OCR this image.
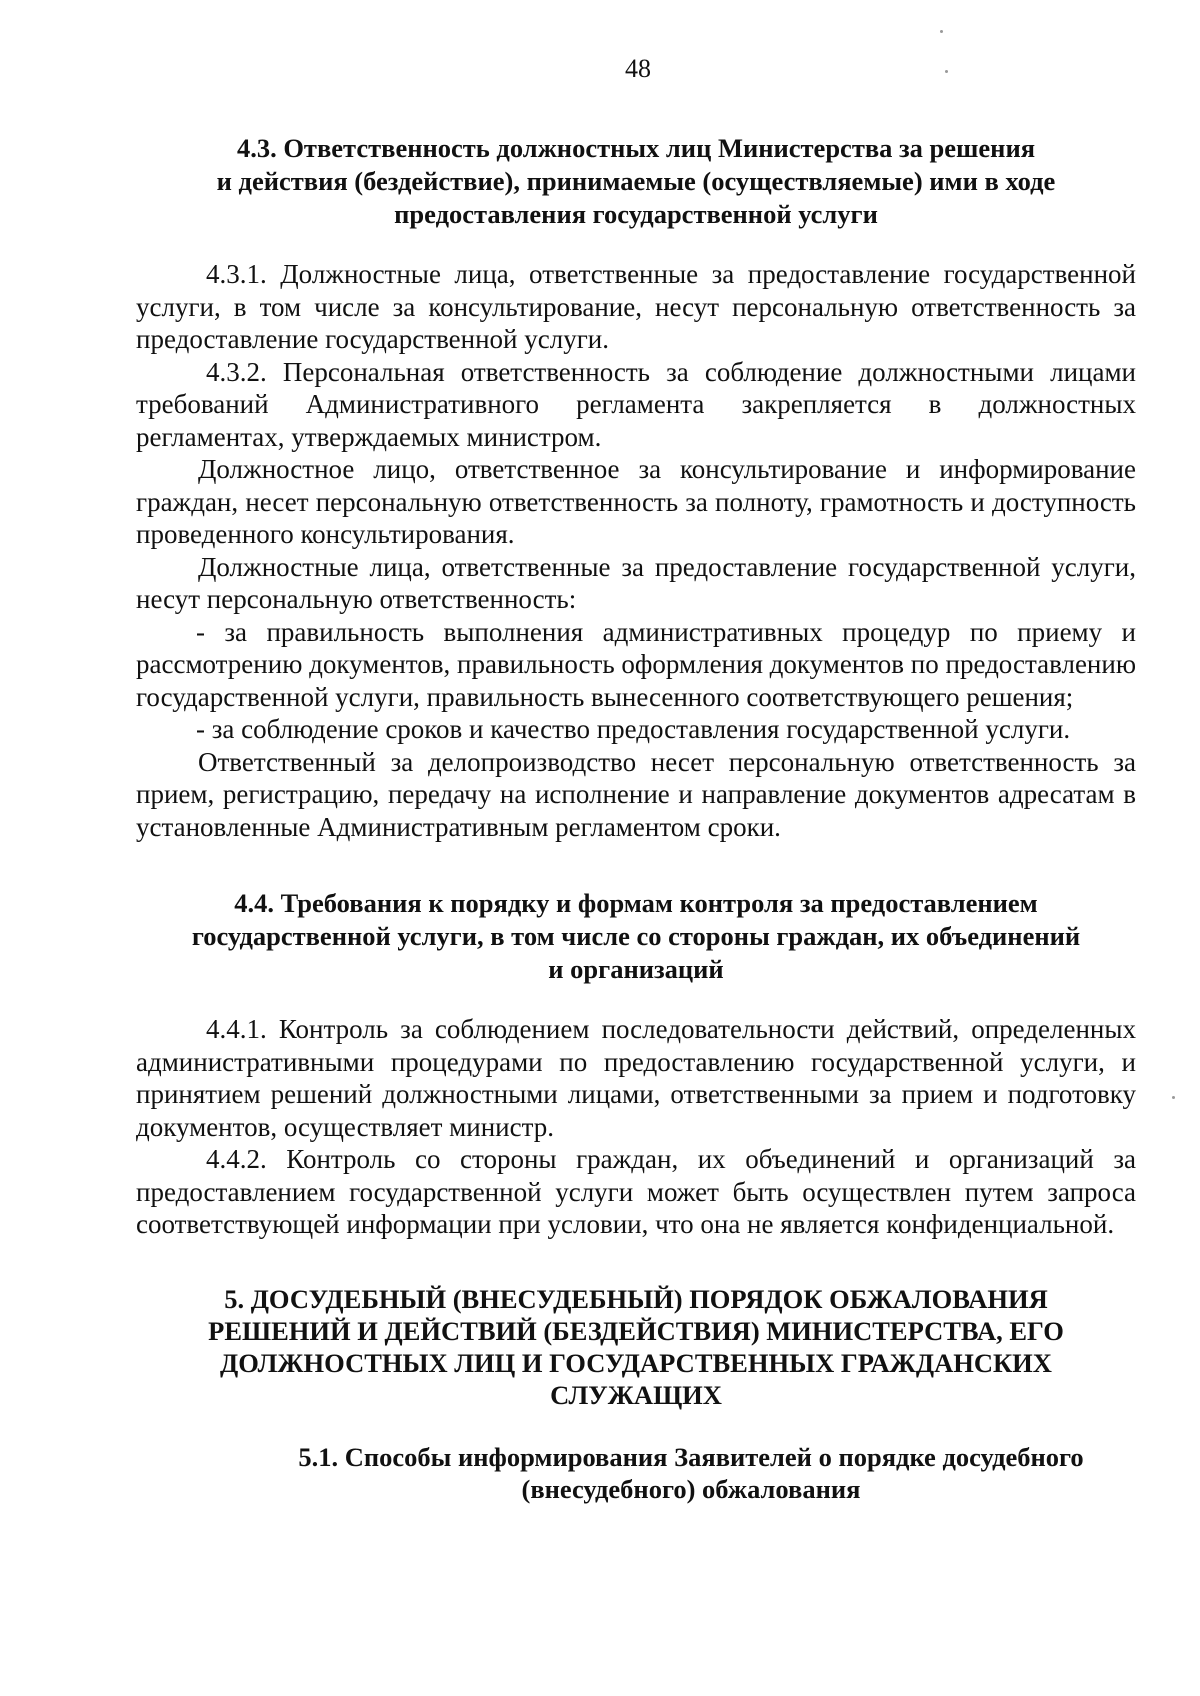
48
4.3. Ответственность должностных лиц Министерства за решения
и действия (бездействие), принимаемые (осуществляемые) ими в ходе
предоставления государственной услуги

4.3.1. Должностные лица, ответственные за предоставление государственной услуги, в том числе за консультирование, несут персональную ответственность за предоставление государственной услуги.

4.3.2. Персональная ответственность за соблюдение должностными лицами требований Административного регламента закрепляется в должностных регламентах, утверждаемых министром.

Должностное лицо, ответственное за консультирование и информирование граждан, несет персональную ответственность за полноту, грамотность и доступность проведенного консультирования.

Должностные лица, ответственные за предоставление государственной услуги, несут персональную ответственность:

- за правильность выполнения административных процедур по приему и рассмотрению документов, правильность оформления документов по предоставлению государственной услуги, правильность вынесенного соответствующего решения;

- за соблюдение сроков и качество предоставления государственной услуги.

Ответственный за делопроизводство несет персональную ответственность за прием, регистрацию, передачу на исполнение и направление документов адресатам в установленные Административным регламентом сроки.

4.4. Требования к порядку и формам контроля за предоставлением
государственной услуги, в том числе со стороны граждан, их объединений
и организаций

4.4.1. Контроль за соблюдением последовательности действий, определенных административными процедурами по предоставлению государственной услуги, и принятием решений должностными лицами, ответственными за прием и подготовку документов, осуществляет министр.

4.4.2. Контроль со стороны граждан, их объединений и организаций за предоставлением государственной услуги может быть осуществлен путем запроса соответствующей информации при условии, что она не является конфиденциальной.

5. ДОСУДЕБНЫЙ (ВНЕСУДЕБНЫЙ) ПОРЯДОК ОБЖАЛОВАНИЯ
РЕШЕНИЙ И ДЕЙСТВИЙ (БЕЗДЕЙСТВИЯ) МИНИСТЕРСТВА, ЕГО
ДОЛЖНОСТНЫХ ЛИЦ И ГОСУДАРСТВЕННЫХ ГРАЖДАНСКИХ
СЛУЖАЩИХ
5.1. Способы информирования Заявителей о порядке досудебного
(внесудебного) обжалования
